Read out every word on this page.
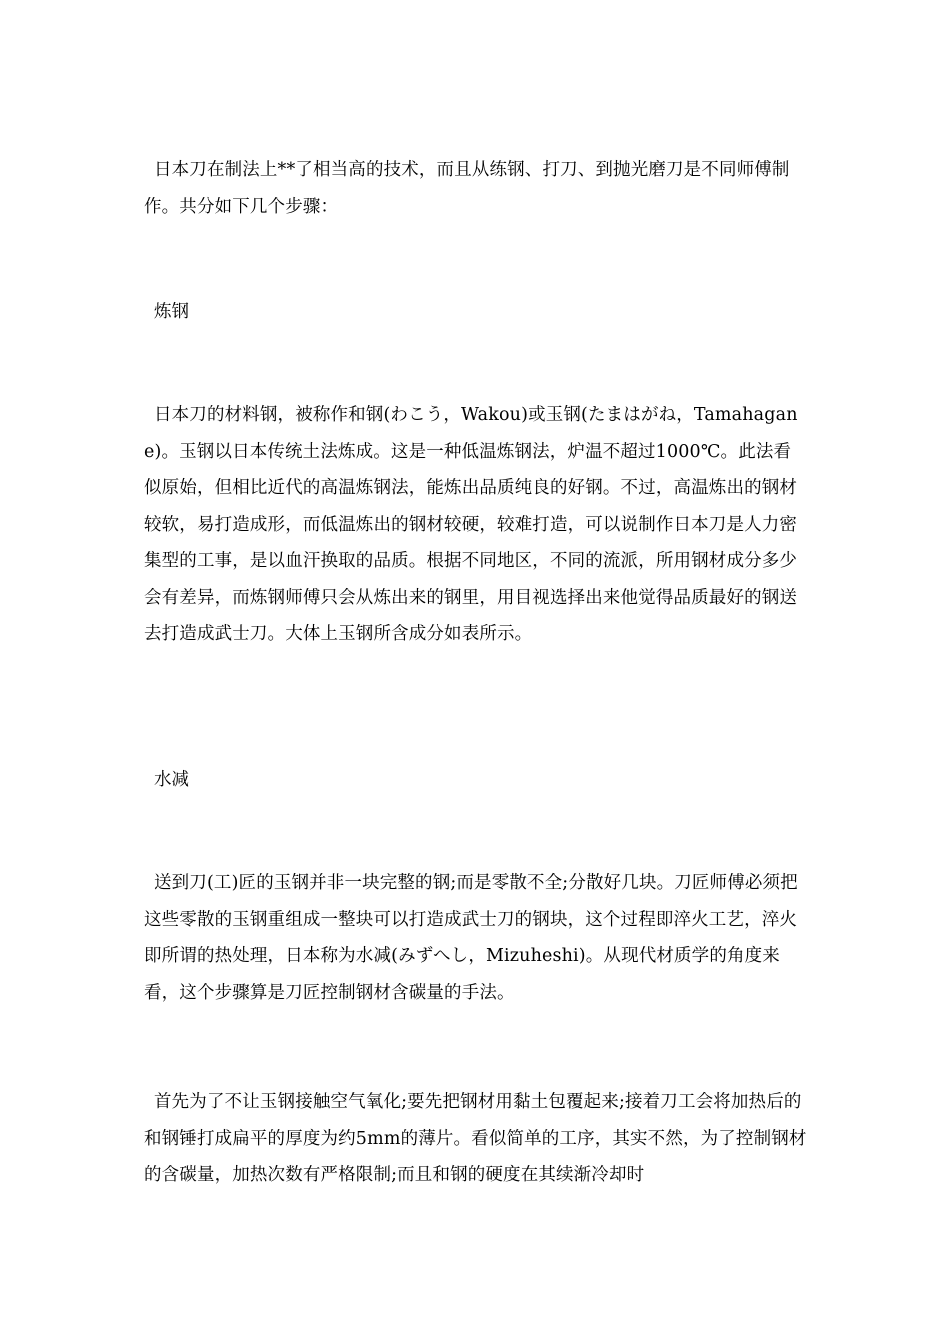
日本刀在制法上**了相当高的技术，而且从练钢、打刀、到抛光磨刀是不同师傅制作。共分如下几个步骤：

炼钢

日本刀的材料钢，被称作和钢(わこう，Wakou)或玉钢(たまはがね，Tamahagane)。玉钢以日本传统土法炼成。这是一种低温炼钢法，炉温不超过1000℃。此法看似原始，但相比近代的高温炼钢法，能炼出品质纯良的好钢。不过，高温炼出的钢材较软，易打造成形，而低温炼出的钢材较硬，较难打造，可以说制作日本刀是人力密集型的工事，是以血汗换取的品质。根据不同地区，不同的流派，所用钢材成分多少会有差异，而炼钢师傅只会从炼出来的钢里，用目视选择出来他觉得品质最好的钢送去打造成武士刀。大体上玉钢所含成分如表所示。

水减

送到刀(工)匠的玉钢并非一块完整的钢;而是零散不全;分散好几块。刀匠师傅必须把这些零散的玉钢重组成一整块可以打造成武士刀的钢块，这个过程即淬火工艺，淬火即所谓的热处理，日本称为水减(みずへし，Mizuheshi)。从现代材质学的角度来看，这个步骤算是刀匠控制钢材含碳量的手法。

首先为了不让玉钢接触空气氧化;要先把钢材用黏土包覆起来;接着刀工会将加热后的和钢锤打成扁平的厚度为约5mm的薄片。看似简单的工序，其实不然，为了控制钢材的含碳量，加热次数有严格限制;而且和钢的硬度在其续渐冷却时
